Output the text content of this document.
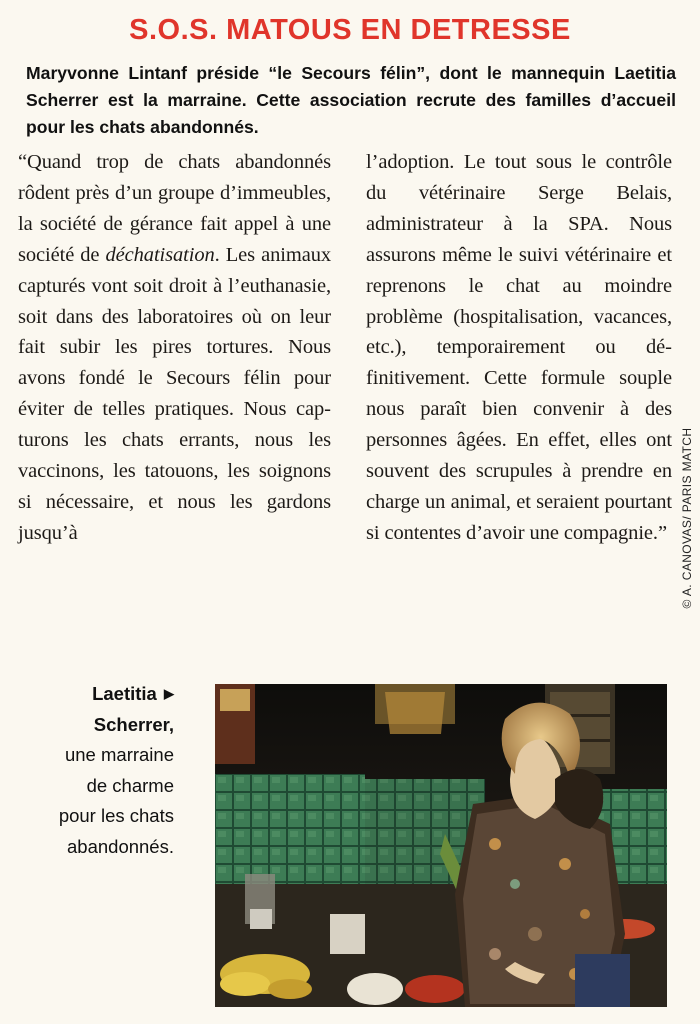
S.O.S. MATOUS EN DETRESSE
Maryvonne Lintanf préside “le Secours félin”, dont le mannequin Laetitia Scherrer est la marraine. Cette association recrute des familles d’accueil pour les chats abandonnés.
“Quand trop de chats abandonnés rôdent près d’un groupe d’immeubles, la société de gérance fait appel à une société de déchatisation. Les animaux capturés vont soit droit à l’euthanasie, soit dans des laboratoires où on leur fait subir les pires tortures. Nous avons fondé le Secours félin pour éviter de telles pratiques. Nous capturons les chats errants, nous les vaccinons, les tatouons, les soignons si nécessaire, et nous les gardons jusqu’à
l’adoption. Le tout sous le contrôle du vétérinaire Serge Belais, administrateur à la SPA. Nous assurons même le suivi vétérinaire et reprenons le chat au moindre problème (hospitalisation, vacances, etc.), temporairement ou définitivement. Cette formule souple nous paraît bien convenir à des personnes âgées. En effet, elles ont souvent des scrupules à prendre en charge un animal, et seraient pourtant si contentes d’avoir une compagnie.”	© A. CANOVAS/ PARIS MATCH
Laetitia ▶
Scherrer,
une marraine
de charme
pour les chats
abandonnés.
